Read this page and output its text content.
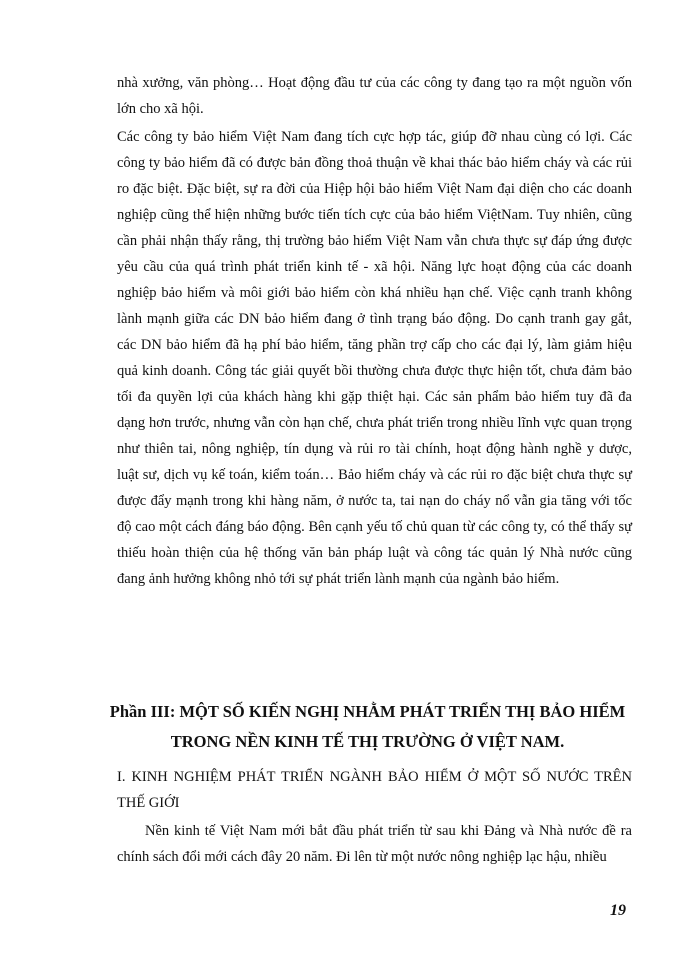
nhà xưởng, văn phòng… Hoạt động đầu tư của các công ty đang tạo ra một nguồn vốn lớn cho xã hội.

Các công ty bảo hiểm Việt Nam đang tích cực hợp tác, giúp đỡ nhau cùng có lợi. Các công ty bảo hiểm đã có được bản đồng thoả thuận về khai thác bảo hiểm cháy và các rủi ro đặc biệt. Đặc biệt, sự ra đời của Hiệp hội bảo hiểm Việt Nam đại diện cho các doanh nghiệp cũng thể hiện những bước tiến tích cực của bảo hiểm ViệtNam. Tuy nhiên, cũng cần phải nhận thấy rằng, thị trường bảo hiểm Việt Nam vẫn chưa thực sự đáp ứng được yêu cầu của quá trình phát triển kinh tế - xã hội. Năng lực hoạt động của các doanh nghiệp bảo hiểm và môi giới bảo hiểm còn khá nhiều hạn chế. Việc cạnh tranh không lành mạnh giữa các DN bảo hiểm đang ở tình trạng báo động. Do cạnh tranh gay gắt, các DN bảo hiểm đã hạ phí bảo hiểm, tăng phần trợ cấp cho các đại lý, làm giảm hiệu quả kinh doanh. Công tác giải quyết bồi thường chưa được thực hiện tốt, chưa đảm bảo tối đa quyền lợi của khách hàng khi gặp thiệt hại. Các sản phẩm bảo hiểm tuy đã đa dạng hơn trước, nhưng vẫn còn hạn chế, chưa phát triển trong nhiều lĩnh vực quan trọng như thiên tai, nông nghiệp, tín dụng và rủi ro tài chính, hoạt động hành nghề y dược, luật sư, dịch vụ kế toán, kiểm toán… Bảo hiểm cháy và các rủi ro đặc biệt chưa thực sự được đẩy mạnh trong khi hàng năm, ở nước ta, tai nạn do cháy nổ vẫn gia tăng với tốc độ cao một cách đáng báo động. Bên cạnh yếu tố chủ quan từ các công ty, có thể thấy sự thiếu hoàn thiện của hệ thống văn bản pháp luật và công tác quản lý Nhà nước cũng đang ảnh hưởng không nhỏ tới sự phát triển lành mạnh của ngành bảo hiểm.

Phần III: MỘT SỐ KIẾN NGHỊ NHẰM PHÁT TRIỂN THỊ BẢO HIỂM TRONG NỀN KINH TẾ THỊ TRƯỜNG Ở VIỆT NAM.
I. KINH NGHIỆM PHÁT TRIỂN NGÀNH BẢO HIỂM Ở MỘT SỐ NƯỚC TRÊN THẾ GIỚI

Nền kinh tế Việt Nam mới bắt đầu phát triển từ sau khi Đảng và Nhà nước đề ra chính sách đổi mới cách đây 20 năm. Đi lên từ một nước nông nghiệp lạc hậu, nhiều

19
